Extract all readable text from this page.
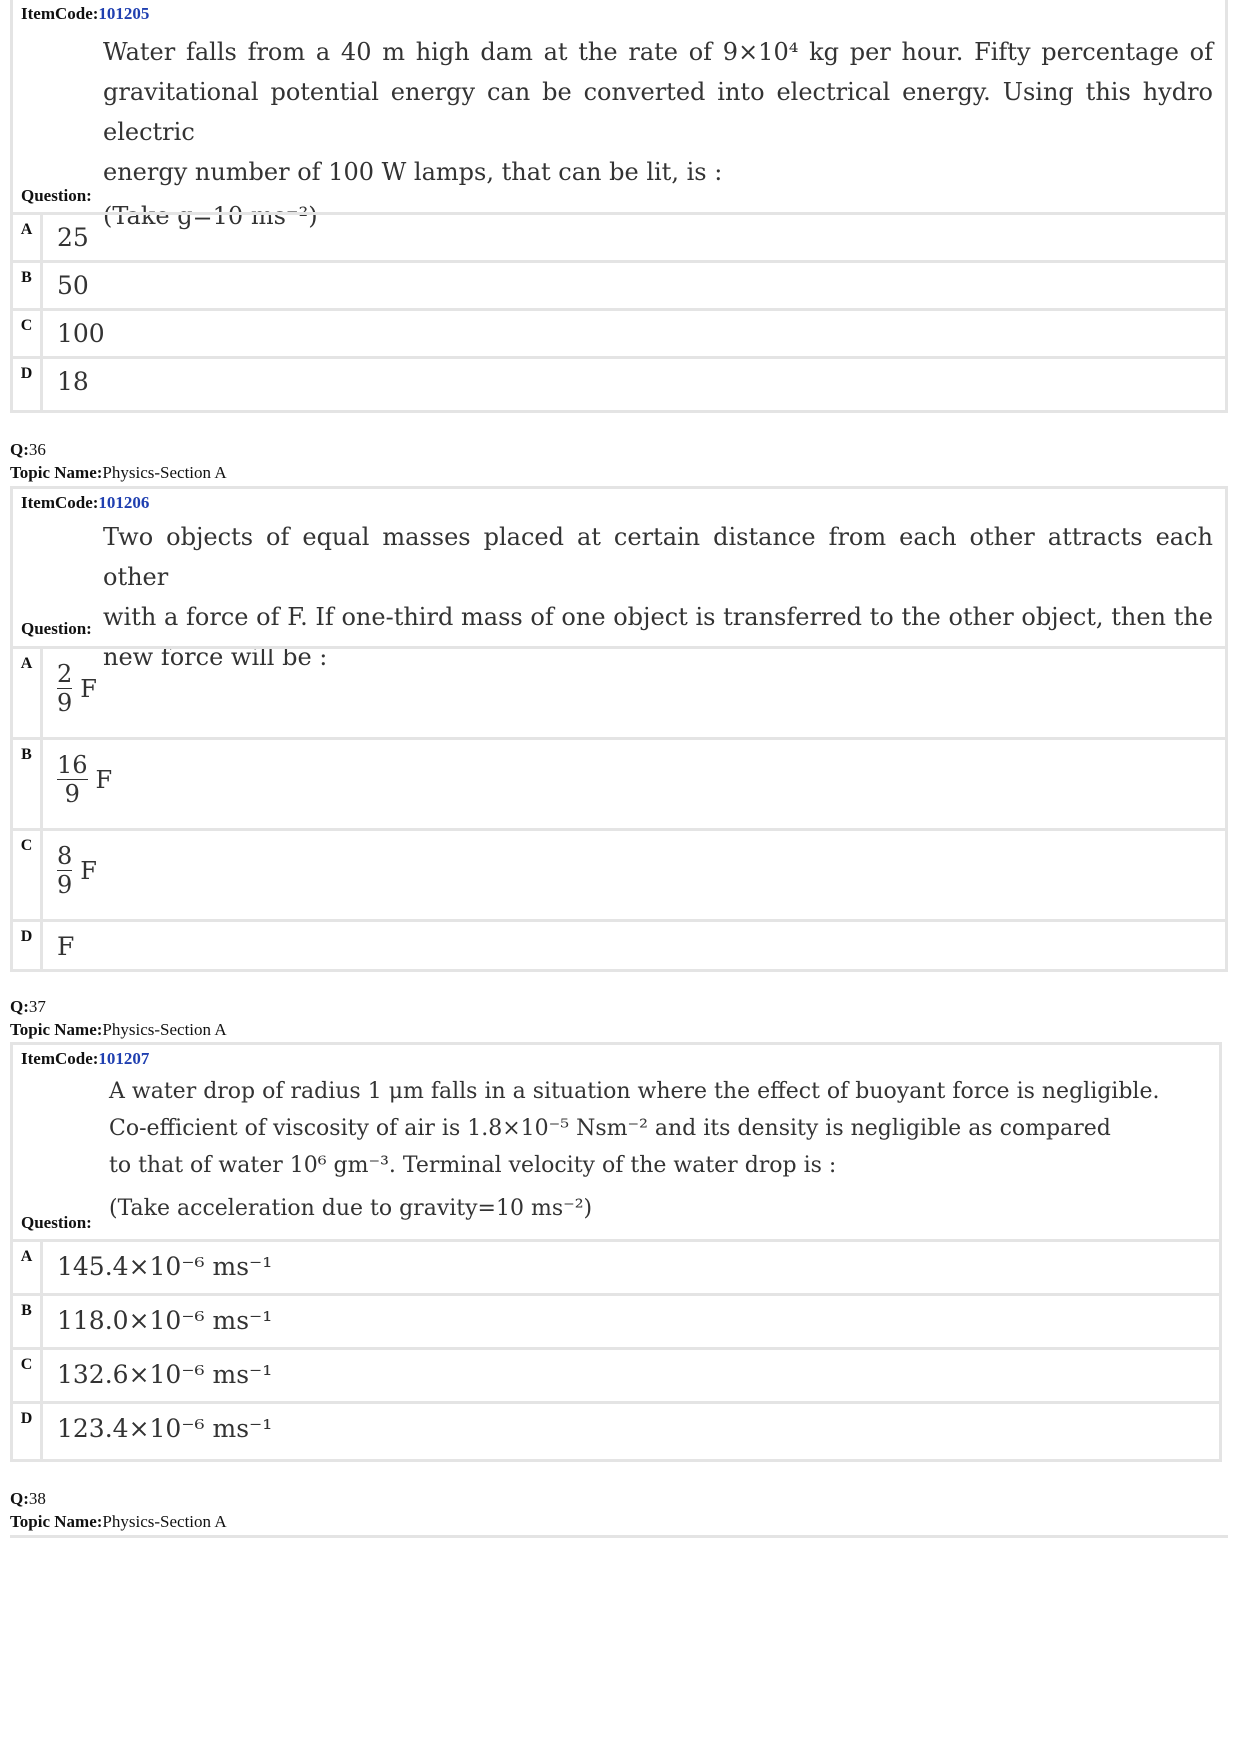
ItemCode:101205
Water falls from a 40 m high dam at the rate of 9×10⁴ kg per hour. Fifty percentage of
gravitational potential energy can be converted into electrical energy. Using this hydro electric
energy number of 100 W lamps, that can be lit, is :
(Take g=10 ms⁻²)
Question:
A 25
B	50
C 100
D 18
Q:36
Topic Name:Physics-Section A
ItemCode:101206
Two objects of equal masses placed at certain distance from each other attracts each other
with a force of F. If one-third mass of one object is transferred to the other object, then the
new force will be :
Question:
A	$\frac{2}{9}$ F
B	$\frac{16}{9}$ F
C	$\frac{8}{9}$ F
D F
Q:37
Topic Name:Physics-Section A
ItemCode:101207
A water drop of radius 1 μm falls in a situation where the effect of buoyant force is negligible.
Co-efficient of viscosity of air is 1.8×10⁻⁵ Nsm⁻² and its density is negligible as compared
to that of water 10⁶ gm⁻³. Terminal velocity of the water drop is :
(Take acceleration due to gravity=10 ms⁻²)
Question:
A 145.4×10⁻⁶ ms⁻¹
B	118.0×10⁻⁶ ms⁻¹
C 132.6×10⁻⁶ ms⁻¹
D 123.4×10⁻⁶ ms⁻¹
Q:38
Topic Name:Physics-Section A
